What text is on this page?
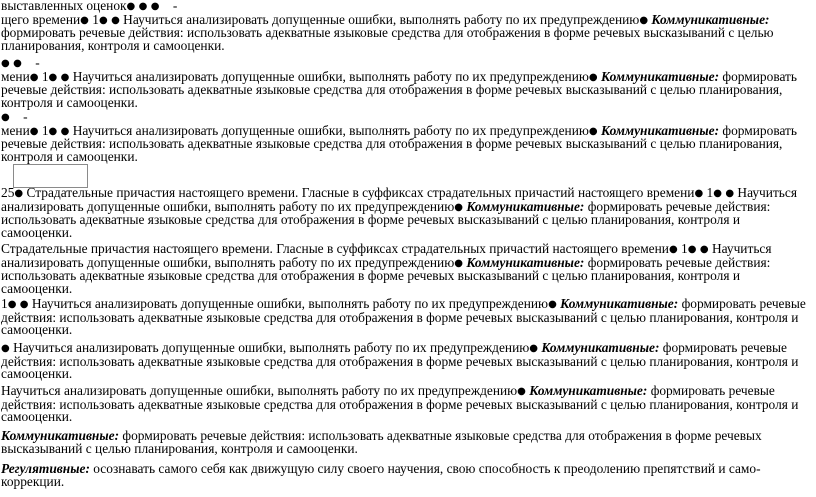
выставленных оценок● ● ● -
щего времени● 1● ● Научиться анализировать допущенные ошибки, выполнять работу по их предупреждению● Коммуникативные: формировать речевые действия: использовать адекватные языковые средства для отображения в форме речевых высказываний с целью планирования, контроля и самооценки.

● ● -
мени● 1● ● Научиться анализировать допущенные ошибки, выполнять работу по их предупреждению● Коммуникативные: формировать речевые действия: использовать адекватные языковые средства для отображения в форме речевых высказываний с целью планирования, контроля и самооценки.

● -
мени● 1● ● Научиться анализировать допущенные ошибки, выполнять работу по их предупреждению● Коммуникативные: формировать речевые действия: использовать адекватные языковые средства для отображения в форме речевых высказываний с целью планирования, контроля и самооценки.

25● Страдательные причастия настоящего времени. Гласные в суффиксах страдательных причастий настоящего времени● 1● ● Научиться анализировать допущенные ошибки, выполнять работу по их предупреждению● Коммуникативные: формировать речевые действия: использовать адекватные языковые средства для отображения в форме речевых высказываний с целью планирования, контроля и самооценки.

Страдательные причастия настоящего времени. Гласные в суффиксах страдательных причастий настоящего времени● 1● ● Научиться анализировать допущенные ошибки, выполнять работу по их предупреждению● Коммуникативные: формировать речевые действия: использовать адекватные языковые средства для отображения в форме речевых высказываний с целью планирования, контроля и самооценки.

1● ● Научиться анализировать допущенные ошибки, выполнять работу по их предупреждению● Коммуникативные: формировать речевые действия: использовать адекватные языковые средства для отображения в форме речевых высказываний с целью планирования, контроля и самооценки.

● Научиться анализировать допущенные ошибки, выполнять работу по их предупреждению● Коммуникативные: формировать речевые действия: использовать адекватные языковые средства для отображения в форме речевых высказываний с целью планирования, контроля и самооценки.

Научиться анализировать допущенные ошибки, выполнять работу по их предупреждению● Коммуникативные: формировать речевые действия: использовать адекватные языковые средства для отображения в форме речевых высказываний с целью планирования, контроля и самооценки.

Коммуникативные: формировать речевые действия: использовать адекватные языковые средства для отображения в форме речевых высказываний с целью планирования, контроля и самооценки.

Регулятивные: осознавать самого себя как движущую силу своего научения, свою способность к преодолению препятствий и само-коррекции.
